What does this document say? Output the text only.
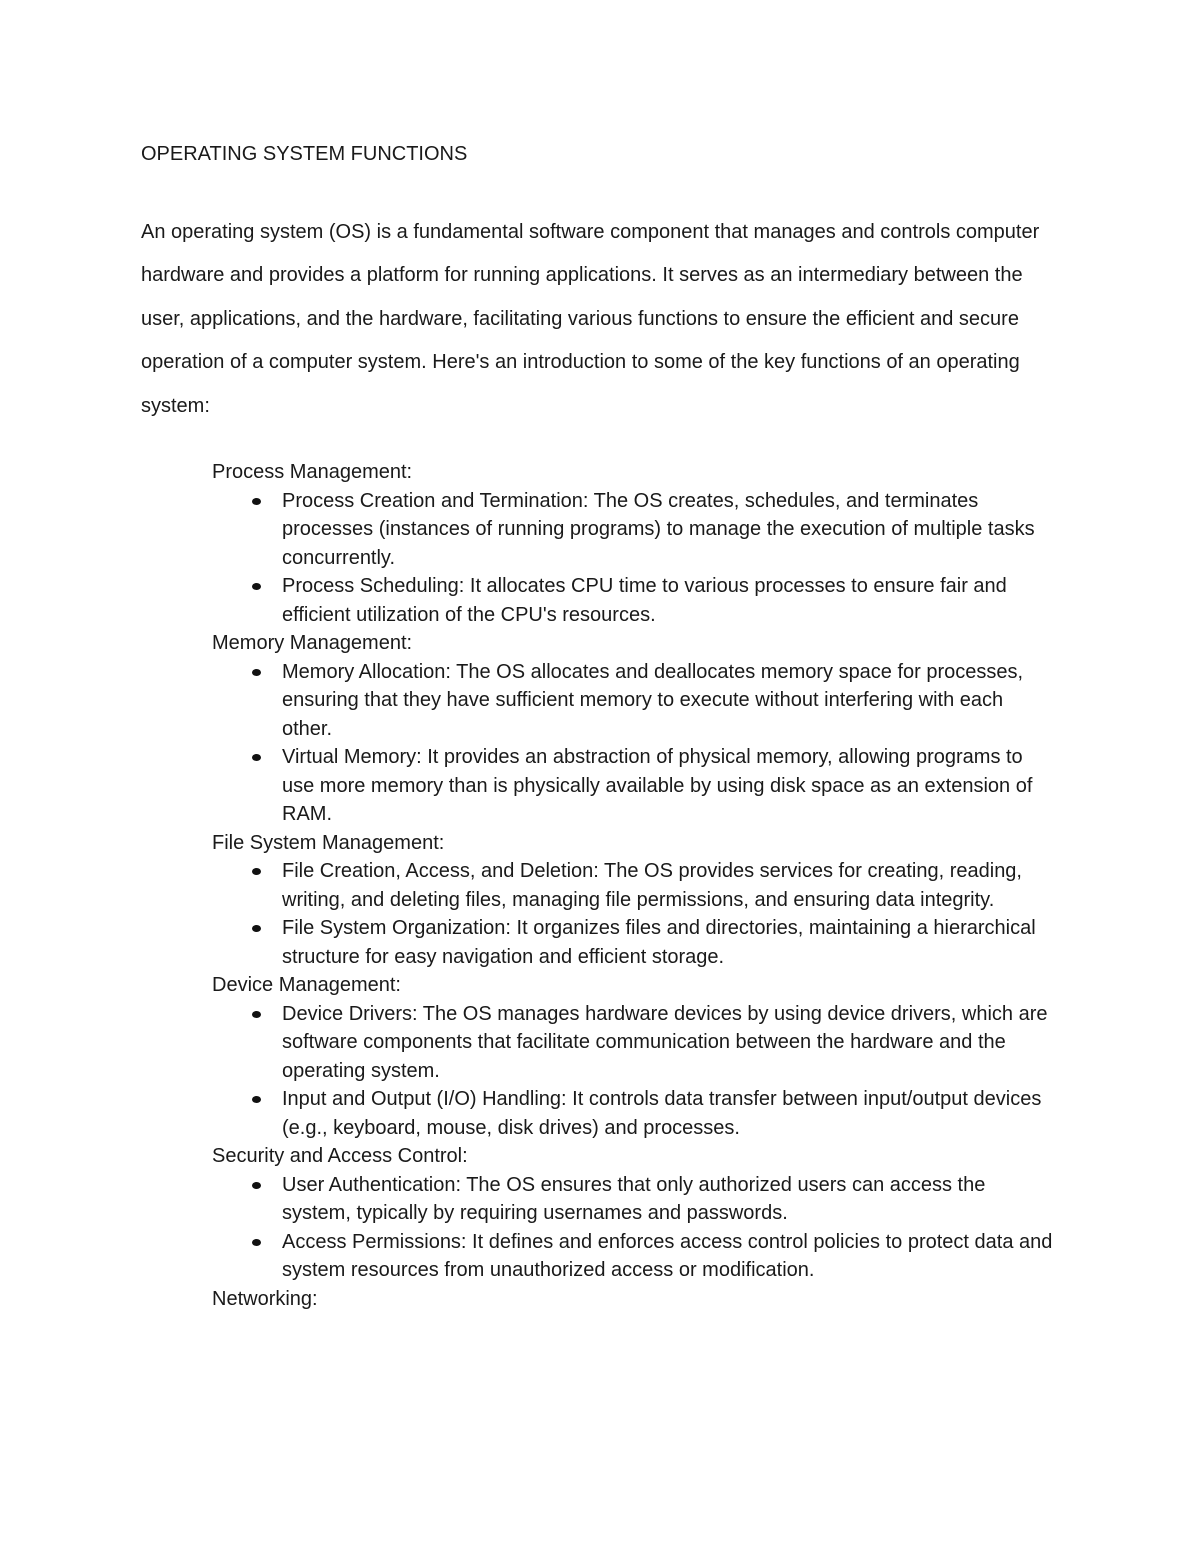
OPERATING SYSTEM FUNCTIONS

An operating system (OS) is a fundamental software component that manages and controls computer hardware and provides a platform for running applications. It serves as an intermediary between the user, applications, and the hardware, facilitating various functions to ensure the efficient and secure operation of a computer system. Here's an introduction to some of the key functions of an operating system:

Process Management:

Process Creation and Termination: The OS creates, schedules, and terminates processes (instances of running programs) to manage the execution of multiple tasks concurrently.
Process Scheduling: It allocates CPU time to various processes to ensure fair and efficient utilization of the CPU's resources.

Memory Management:

Memory Allocation: The OS allocates and deallocates memory space for processes, ensuring that they have sufficient memory to execute without interfering with each other.
Virtual Memory: It provides an abstraction of physical memory, allowing programs to use more memory than is physically available by using disk space as an extension of RAM.

File System Management:

File Creation, Access, and Deletion: The OS provides services for creating, reading, writing, and deleting files, managing file permissions, and ensuring data integrity.
File System Organization: It organizes files and directories, maintaining a hierarchical structure for easy navigation and efficient storage.

Device Management:

Device Drivers: The OS manages hardware devices by using device drivers, which are software components that facilitate communication between the hardware and the operating system.
Input and Output (I/O) Handling: It controls data transfer between input/output devices (e.g., keyboard, mouse, disk drives) and processes.

Security and Access Control:

User Authentication: The OS ensures that only authorized users can access the system, typically by requiring usernames and passwords.
Access Permissions: It defines and enforces access control policies to protect data and system resources from unauthorized access or modification.

Networking:
